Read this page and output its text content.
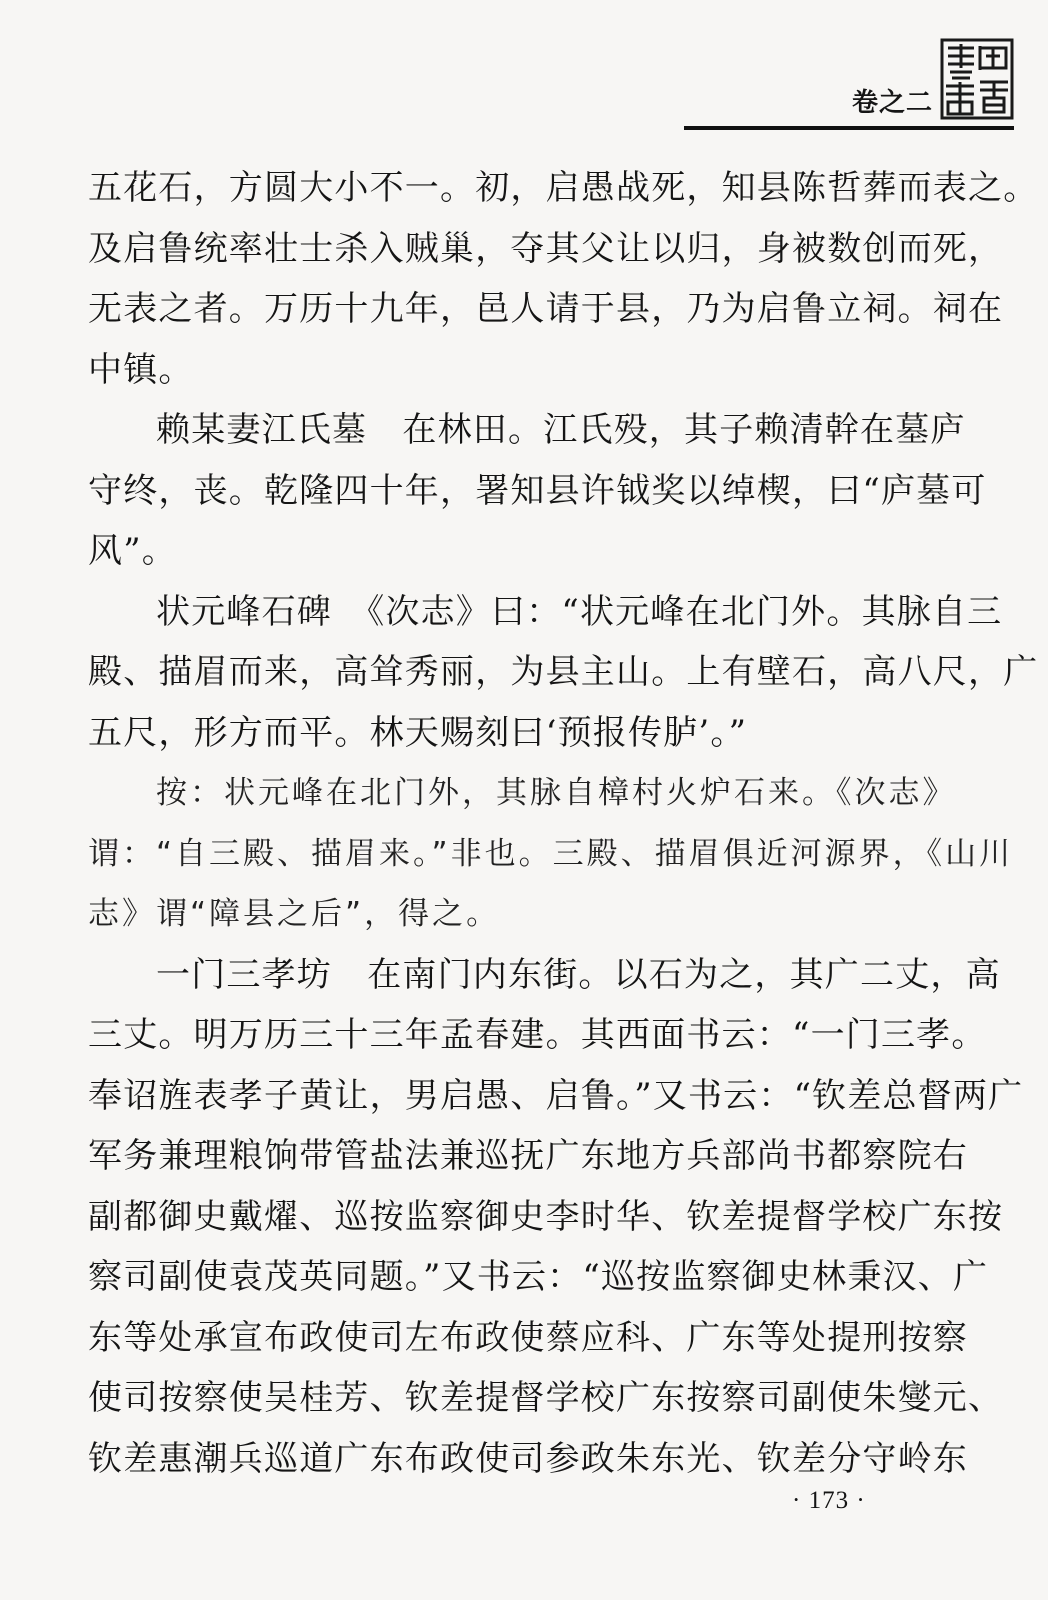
卷之二
五花石，方圆大小不一。初，启愚战死，知县陈哲葬而表之。
及启鲁统率壮士杀入贼巢，夺其父让以归，身被数创而死，
无表之者。万历十九年，邑人请于县，乃为启鲁立祠。祠在
中镇。
赖某妻江氏墓　在林田。江氏殁，其子赖清幹在墓庐
守终，丧。乾隆四十年，署知县许钺奖以绰楔，曰“庐墓可
风”。
状元峰石碑　《次志》曰：“状元峰在北门外。其脉自三
殿、描眉而来，高耸秀丽，为县主山。上有壁石，高八尺，广
五尺，形方而平。林天赐刻曰‘预报传胪’。”
按：状元峰在北门外，其脉自樟村火炉石来。《次志》
谓：“自三殿、描眉来。”非也。三殿、描眉俱近河源界，《山川
志》谓“障县之后”，得之。
一门三孝坊　在南门内东街。以石为之，其广二丈，高
三丈。明万历三十三年孟春建。其西面书云：“一门三孝。
奉诏旌表孝子黄让，男启愚、启鲁。”又书云：“钦差总督两广
军务兼理粮饷带管盐法兼巡抚广东地方兵部尚书都察院右
副都御史戴燿、巡按监察御史李时华、钦差提督学校广东按
察司副使袁茂英同题。”又书云：“巡按监察御史林秉汉、广
东等处承宣布政使司左布政使蔡应科、广东等处提刑按察
使司按察使吴桂芳、钦差提督学校广东按察司副使朱燮元、
钦差惠潮兵巡道广东布政使司参政朱东光、钦差分守岭东
· 173 ·
